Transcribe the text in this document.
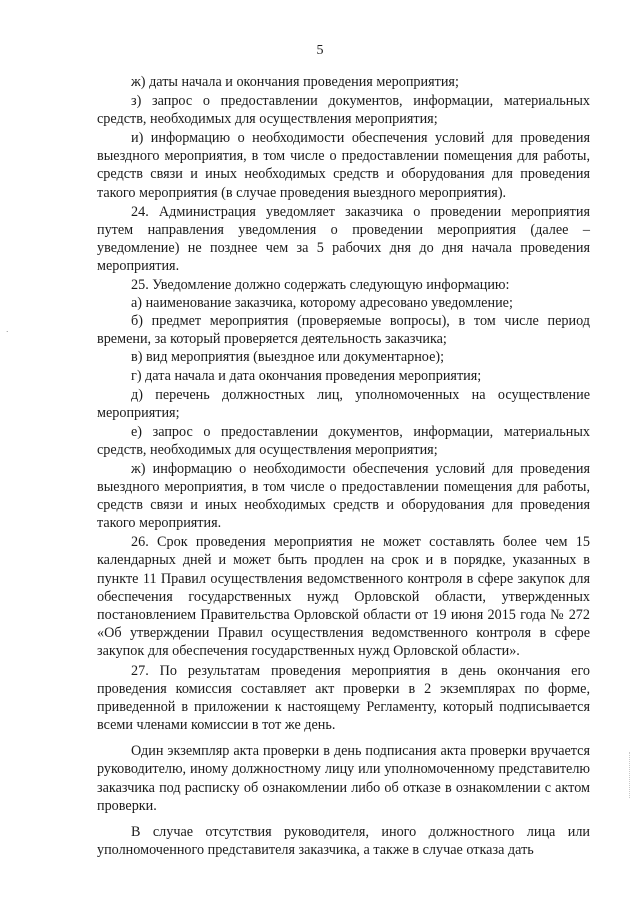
5

ж) даты начала и окончания проведения мероприятия;

з) запрос о предоставлении документов, информации, материальных средств, необходимых для осуществления мероприятия;

и) информацию о необходимости обеспечения условий для проведения выездного мероприятия, в том числе о предоставлении помещения для работы, средств связи и иных необходимых средств и оборудования для проведения такого мероприятия (в случае проведения выездного мероприятия).

24. Администрация уведомляет заказчика о проведении мероприятия путем направления уведомления о проведении мероприятия (далее – уведомление) не позднее чем за 5 рабочих дня до дня начала проведения мероприятия.

25. Уведомление должно содержать следующую информацию:

а) наименование заказчика, которому адресовано уведомление;

б) предмет мероприятия (проверяемые вопросы), в том числе период времени, за который проверяется деятельность заказчика;

в) вид мероприятия (выездное или документарное);

г) дата начала и дата окончания проведения мероприятия;

д) перечень должностных лиц, уполномоченных на осуществление мероприятия;

е) запрос о предоставлении документов, информации, материальных средств, необходимых для осуществления мероприятия;

ж) информацию о необходимости обеспечения условий для проведения выездного мероприятия, в том числе о предоставлении помещения для работы, средств связи и иных необходимых средств и оборудования для проведения такого мероприятия.

26. Срок проведения мероприятия не может составлять более чем 15 календарных дней и может быть продлен на срок и в порядке, указанных в пункте 11 Правил осуществления ведомственного контроля в сфере закупок для обеспечения государственных нужд Орловской области, утвержденных постановлением Правительства Орловской области от 19 июня 2015 года № 272 «Об утверждении Правил осуществления ведомственного контроля в сфере закупок для обеспечения государственных нужд Орловской области».

27. По результатам проведения мероприятия в день окончания его проведения комиссия составляет акт проверки в 2 экземплярах по форме, приведенной в приложении к настоящему Регламенту, который подписывается всеми членами комиссии в тот же день.

Один экземпляр акта проверки в день подписания акта проверки вручается руководителю, иному должностному лицу или уполномоченному представителю заказчика под расписку об ознакомлении либо об отказе в ознакомлении с актом проверки.

В случае отсутствия руководителя, иного должностного лица или уполномоченного представителя заказчика, а также в случае отказа дать

·
